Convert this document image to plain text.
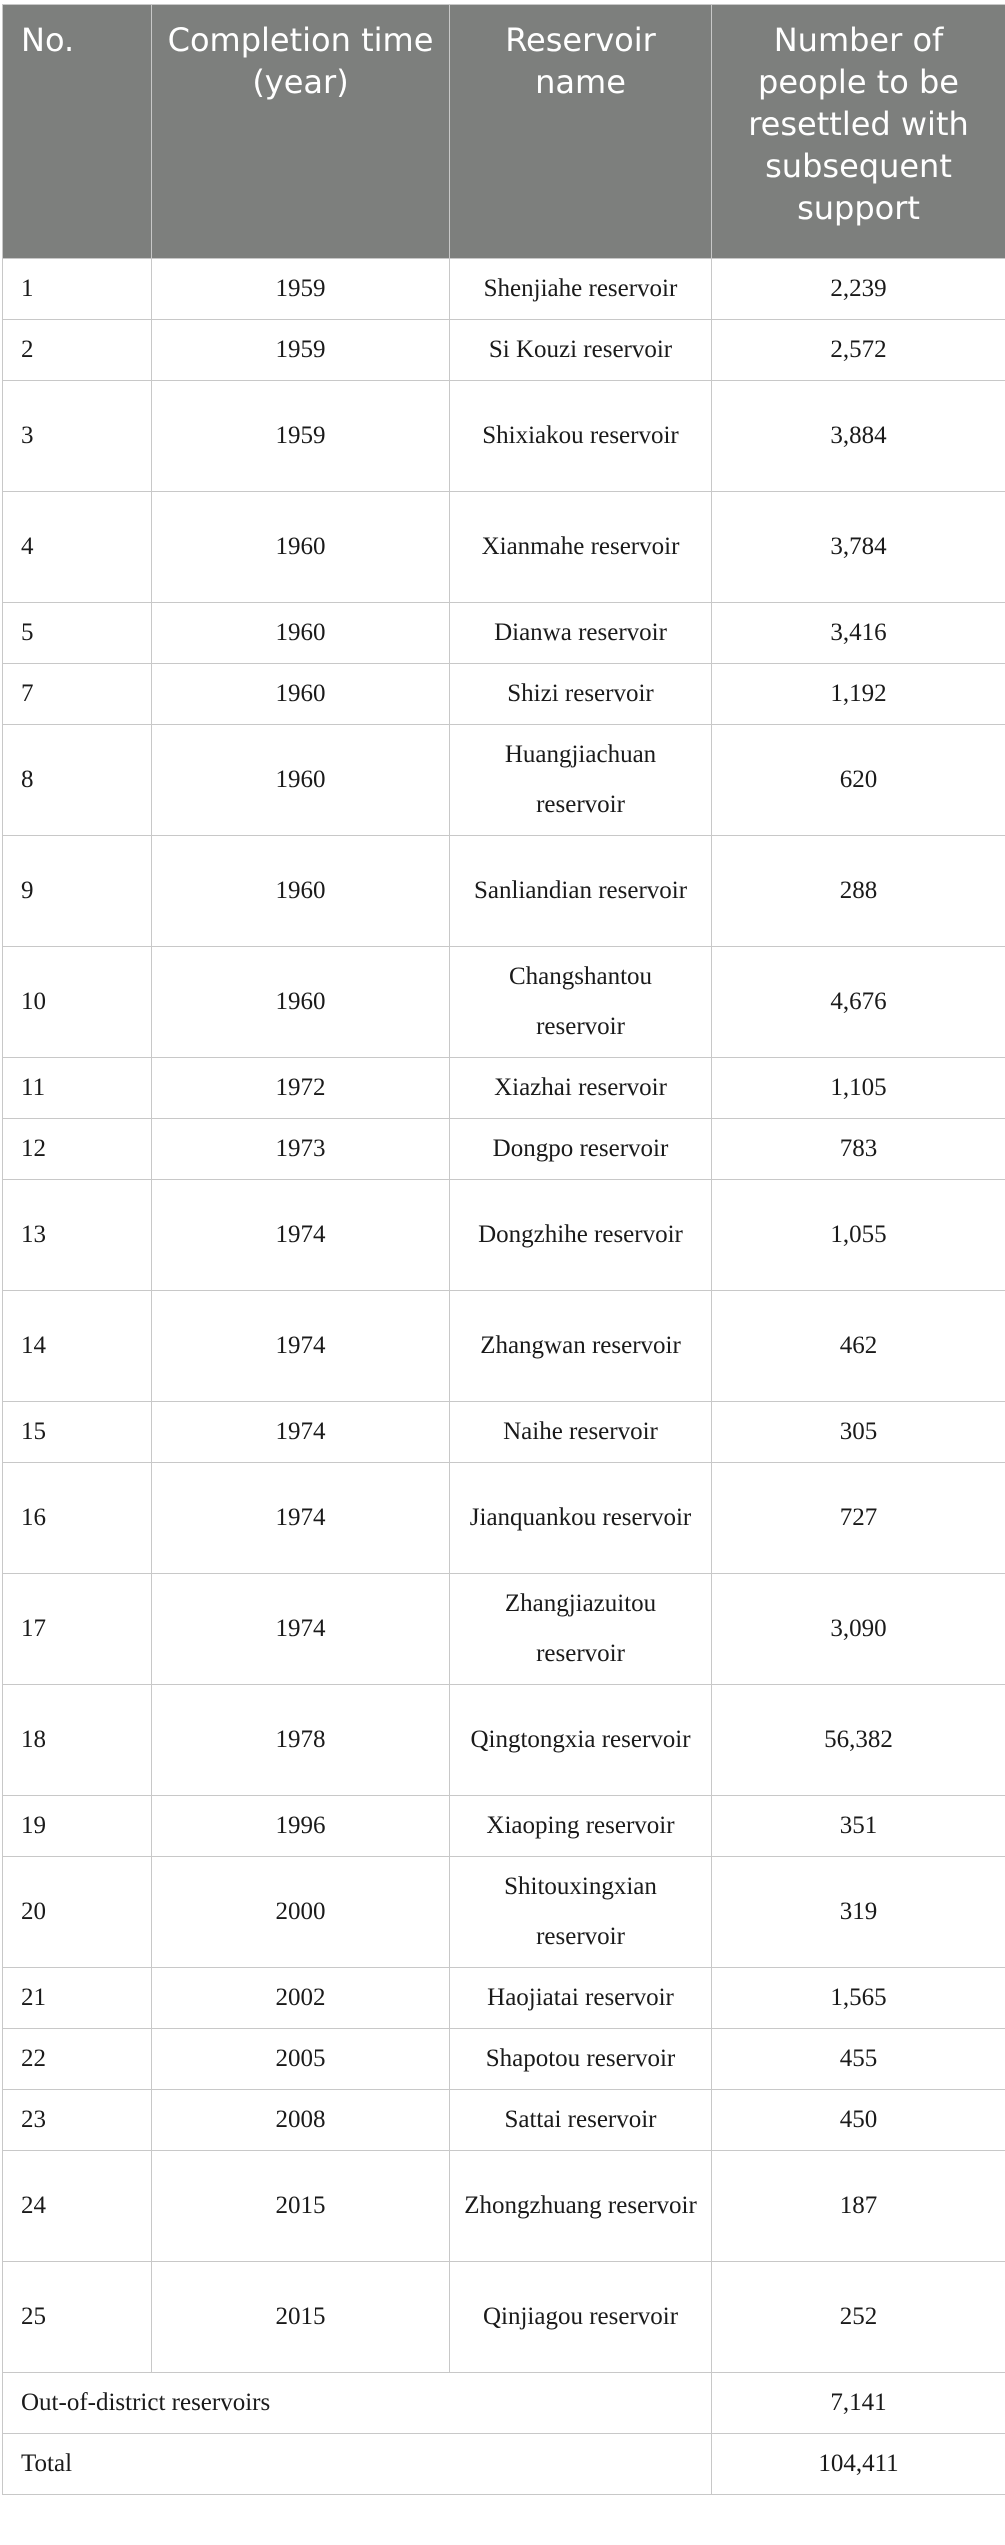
No.	Completion time (year)	Reservoir name	Number of people to be resettled with subsequent support
1	1959	Shenjiahe reservoir	2,239
2	1959	Si Kouzi reservoir	2,572
3	1959	Shixiakou reservoir	3,884
4	1960	Xianmahe reservoir	3,784
5	1960	Dianwa reservoir	3,416
7	1960	Shizi reservoir	1,192
8	1960	Huangjiachuan reservoir	620
9	1960	Sanliandian reservoir	288
10	1960	Changshantou reservoir	4,676
11	1972	Xiazhai reservoir	1,105
12	1973	Dongpo reservoir	783
13	1974	Dongzhihe reservoir	1,055
14	1974	Zhangwan reservoir	462
15	1974	Naihe reservoir	305
16	1974	Jianquankou reservoir	727
17	1974	Zhangjiazuitou reservoir	3,090
18	1978	Qingtongxia reservoir	56,382
19	1996	Xiaoping reservoir	351
20	2000	Shitouxingxian reservoir	319
21	2002	Haojiatai reservoir	1,565
22	2005	Shapotou reservoir	455
23	2008	Sattai reservoir	450
24	2015	Zhongzhuang reservoir	187
25	2015	Qinjiagou reservoir	252
Out-of-district reservoirs			7,141
Total			104,411
